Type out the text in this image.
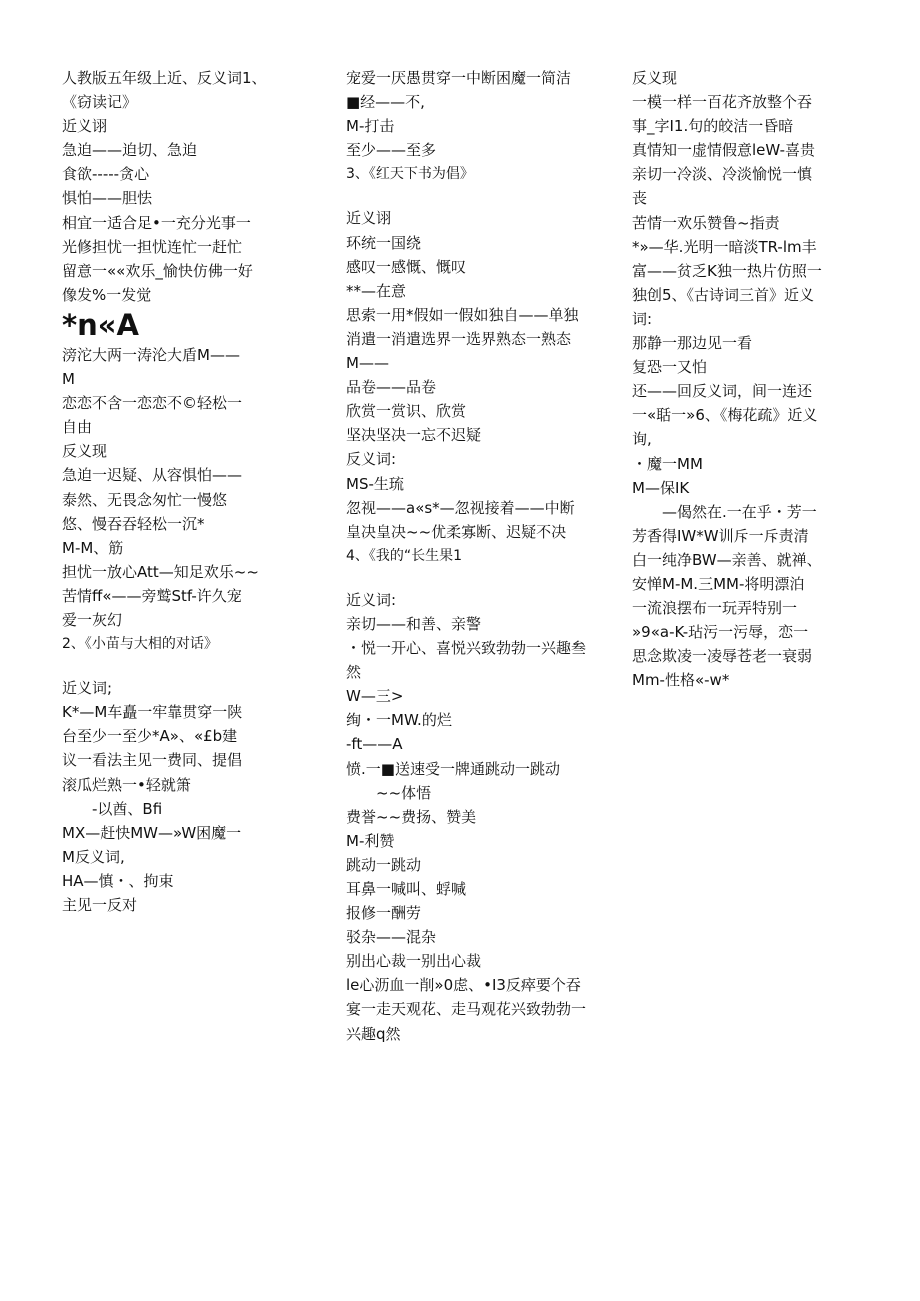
人教版五年级上近、反义词1、
《窃读记》
近义诩
急迫——迫切、急迫
食欲-----贪心
惧怕——胆怯
相宜一适合足•一充分光事一
光修担忧一担忧连忙一赶忙
留意一««欢乐_愉快仿佛一好
像发%一发觉
*n«A
滂沱大两一涛沦大盾M——
M
恋恋不含一恋恋不©轻松一
自由
反义现
急迫一迟疑、从容惧怕——
泰然、无畏念匆忙一慢悠
悠、慢吞吞轻松一沉*
M-M、筋
担忧一放心Att—知足欢乐~~
苦情ff«——旁鹫Stf-许久宠
爱一灰幻
2、《小苗与大相的对话》
近义词;
K*—M车矗一牢靠贯穿一陕
台至少一至少*A»、«£b建
议一看法主见一费同、提倡
滚瓜烂熟一•轻就箫
-以酋、Bfi
MX—赶快MW—»W困魔一
M反义词,
HA—慎・、拘束
主见一反对
宠爱一厌愚贯穿一中断困魔一简洁
■经——不,
M-打击
至少——至多
3、《红天下书为倡》
近义诩
环统一国绕
感叹一感慨、慨叹
**—在意
思索一用*假如一假如独自——单独
消遣一消遣选界一选界熟态一熟态
M——
品卷——品卷
欣赏一赏识、欣赏
坚决坚决一忘不迟疑
反义词:
MS-生琉
忽视——a«s*—忽视接着——中断
皇决皇决~~优柔寡断、迟疑不决
4、《我的“长生果1
近义词:
亲切——和善、亲警
・悦一开心、喜悦兴致勃勃一兴趣叁
然
W—三>
绚・一MW.的烂
-ft——A
愤.一■送速受一牌通跳动一跳动
~~体悟
费誉~~费扬、赞美
M-利赞
跳动一跳动
耳鼻一喊叫、蜉喊
报修一酬劳
驳杂——混杂
别出心裁一别出心裁
le心沥血一削»0虑、•I3反瘁要个吞
宴一走天观花、走马观花兴致勃勃一
兴趣q然
反义现
一模一样一百花齐放整个吞
事_字I1.句的皎洁一昏暗
真情知一虚情假意leW-喜贵
亲切一冷淡、冷淡愉悦一慎
丧
苦情一欢乐赞鲁~指责
*»—华.光明一暗淡TR-lm丰
富——贫乏K独一热片仿照一
独创5、《古诗词三首》近义
词:
那静一那边见一看
复恐一又怕
还——回反义词，间一连还
一«聒一»6、《梅花疏》近义
询,
・魔一MM
M—保IK
—偈然在.一在乎・芳一
芳香得IW*W训斥一斥责清
白一纯净BW—亲善、就禅、
安惮M-M.三MM-将明漂泊
一流浪摆布一玩弄特别一
»9«a-K-玷污一污辱，恋一
思念欺凌一凌辱苍老一衰弱
Mm-性格«-w*
